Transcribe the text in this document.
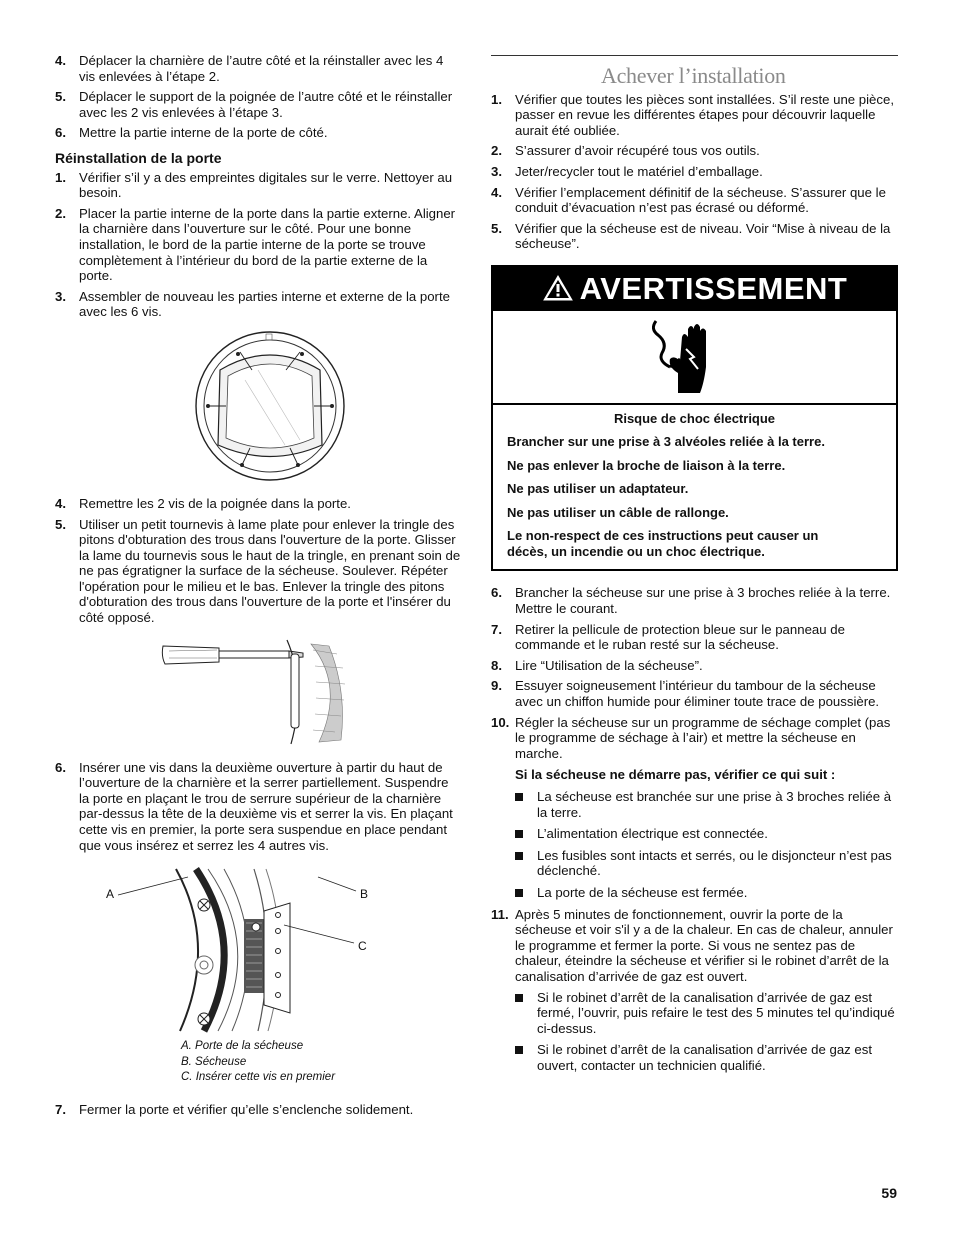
4. Déplacer la charnière de l’autre côté et la réinstaller avec les 4 vis enlevées à l’étape 2.
5. Déplacer le support de la poignée de l’autre côté et le réinstaller avec les 2 vis enlevées à l’étape 3.
6. Mettre la partie interne de la porte de côté.
Réinstallation de la porte
1. Vérifier s’il y a des empreintes digitales sur le verre. Nettoyer au besoin.
2. Placer la partie interne de la porte dans la partie externe. Aligner la charnière dans l’ouverture sur le côté. Pour une bonne installation, le bord de la partie interne de la porte se trouve complètement à l’intérieur du bord de la partie externe de la porte.
3. Assembler de nouveau les parties interne et externe de la porte avec les 6 vis.
4. Remettre les 2 vis de la poignée dans la porte.
5. Utiliser un petit tournevis à lame plate pour enlever la tringle des pitons d'obturation des trous dans l'ouverture de la porte. Glisser la lame du tournevis sous le haut de la tringle, en prenant soin de ne pas égratigner la surface de la sécheuse. Soulever. Répéter l'opération pour le milieu et le bas. Enlever la tringle des pitons d'obturation des trous dans l'ouverture de la porte et l'insérer du côté opposé.
6. Insérer une vis dans la deuxième ouverture à partir du haut de l’ouverture de la charnière et la serrer partiellement. Suspendre la porte en plaçant le trou de serrure supérieur de la charnière par-dessus la tête de la deuxième vis et serrer la vis. En plaçant cette vis en premier, la porte sera suspendue en place pendant que vous insérez et serrez les 4 autres vis.
A	B
C
A. Porte de la sécheuse
B. Sécheuse
C. Insérer cette vis en premier
7. Fermer la porte et vérifier qu’elle s’enclenche solidement.
Achever l’installation
1. Vérifier que toutes les pièces sont installées. S’il reste une pièce, passer en revue les différentes étapes pour découvrir laquelle aurait été oubliée.
2. S’assurer d’avoir récupéré tous vos outils.
3. Jeter/recycler tout le matériel d’emballage.
4. Vérifier l’emplacement définitif de la sécheuse. S’assurer que le conduit d’évacuation n’est pas écrasé ou déformé.
5. Vérifier que la sécheuse est de niveau. Voir “Mise à niveau de la sécheuse”.
AVERTISSEMENT

Risque de choc électrique

Brancher sur une prise à 3 alvéoles reliée à la terre.

Ne pas enlever la broche de liaison à la terre.

Ne pas utiliser un adaptateur.

Ne pas utiliser un câble de rallonge.

Le non-respect de ces instructions peut causer un décès, un incendie ou un choc électrique.

6. Brancher la sécheuse sur une prise à 3 broches reliée à la terre. Mettre le courant.
7. Retirer la pellicule de protection bleue sur le panneau de commande et le ruban resté sur la sécheuse.
8. Lire “Utilisation de la sécheuse”.
9. Essuyer soigneusement l’intérieur du tambour de la sécheuse avec un chiffon humide pour éliminer toute trace de poussière.
10. Régler la sécheuse sur un programme de séchage complet (pas le programme de séchage à l’air) et mettre la sécheuse en marche.
Si la sécheuse ne démarre pas, vérifier ce qui suit :
La sécheuse est branchée sur une prise à 3 broches reliée à la terre.
L’alimentation électrique est connectée.
Les fusibles sont intacts et serrés, ou le disjoncteur n’est pas déclenché.
La porte de la sécheuse est fermée.
11. Après 5 minutes de fonctionnement, ouvrir la porte de la sécheuse et voir s'il y a de la chaleur. En cas de chaleur, annuler le programme et fermer la porte. Si vous ne sentez pas de chaleur, éteindre la sécheuse et vérifier si le robinet d’arrêt de la canalisation d’arrivée de gaz est ouvert.
Si le robinet d’arrêt de la canalisation d’arrivée de gaz est fermé, l’ouvrir, puis refaire le test des 5 minutes tel qu’indiqué ci-dessus.
Si le robinet d’arrêt de la canalisation d’arrivée de gaz est ouvert, contacter un technicien qualifié.
59
